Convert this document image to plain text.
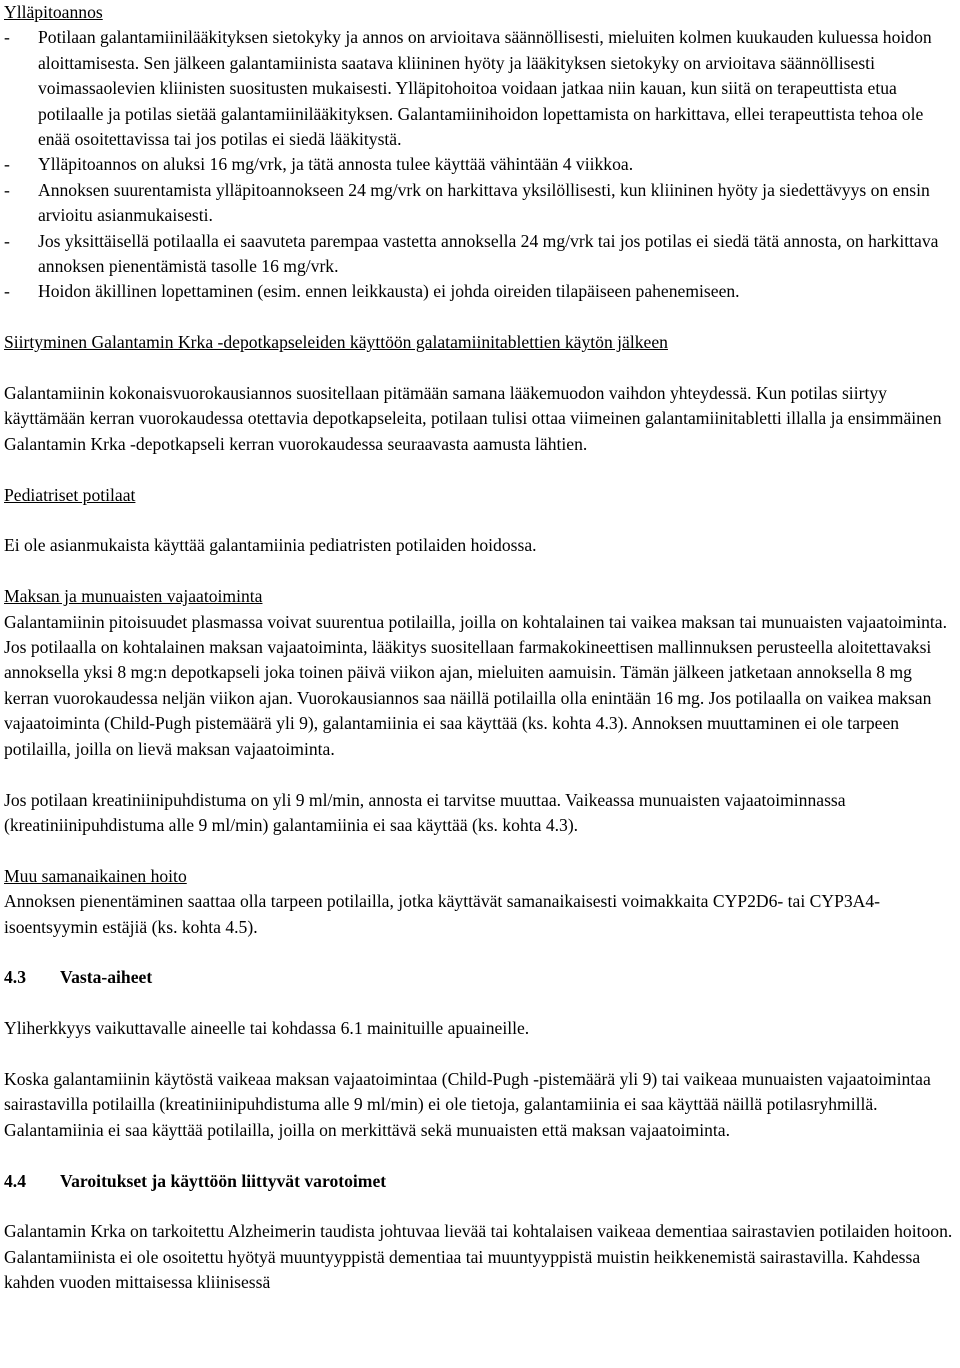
Ylläpitoannos

-	Potilaan galantamiinilääkityksen sietokyky ja annos on arvioitava säännöllisesti, mieluiten kolmen kuukauden kuluessa hoidon aloittamisesta. Sen jälkeen galantamiinista saatava kliininen hyöty ja lääkityksen sietokyky on arvioitava säännöllisesti voimassaolevien kliinisten suositusten mukaisesti. Ylläpitohoitoa voidaan jatkaa niin kauan, kun siitä on terapeuttista etua potilaalle ja potilas sietää galantamiinilääkityksen. Galantamiinihoidon lopettamista on harkittava, ellei terapeuttista tehoa ole enää osoitettavissa tai jos potilas ei siedä lääkitystä.
-	Ylläpitoannos on aluksi 16 mg/vrk, ja tätä annosta tulee käyttää vähintään 4 viikkoa.
-	Annoksen suurentamista ylläpitoannokseen 24 mg/vrk on harkittava yksilöllisesti, kun kliininen hyöty ja siedettävyys on ensin arvioitu asianmukaisesti.
-	Jos yksittäisellä potilaalla ei saavuteta parempaa vastetta annoksella 24 mg/vrk tai jos potilas ei siedä tätä annosta, on harkittava annoksen pienentämistä tasolle 16 mg/vrk.
-	Hoidon äkillinen lopettaminen (esim. ennen leikkausta) ei johda oireiden tilapäiseen pahenemiseen.

Siirtyminen Galantamin Krka -depotkapseleiden käyttöön galatamiinitablettien käytön jälkeen

Galantamiinin kokonaisvuorokausiannos suositellaan pitämään samana lääkemuodon vaihdon yhteydessä. Kun potilas siirtyy käyttämään kerran vuorokaudessa otettavia depotkapseleita, potilaan tulisi ottaa viimeinen galantamiinitabletti illalla ja ensimmäinen Galantamin Krka -depotkapseli kerran vuorokaudessa seuraavasta aamusta lähtien.

Pediatriset potilaat

Ei ole asianmukaista käyttää galantamiinia pediatristen potilaiden hoidossa.

Maksan ja munuaisten vajaatoiminta

Galantamiinin pitoisuudet plasmassa voivat suurentua potilailla, joilla on kohtalainen tai vaikea maksan tai munuaisten vajaatoiminta. Jos potilaalla on kohtalainen maksan vajaatoiminta, lääkitys suositellaan farmakokineettisen mallinnuksen perusteella aloitettavaksi annoksella yksi 8 mg:n depotkapseli joka toinen päivä viikon ajan, mieluiten aamuisin. Tämän jälkeen jatketaan annoksella 8 mg kerran vuorokaudessa neljän viikon ajan. Vuorokausiannos saa näillä potilailla olla enintään 16 mg. Jos potilaalla on vaikea maksan vajaatoiminta (Child-Pugh pistemäärä yli 9), galantamiinia ei saa käyttää (ks. kohta 4.3). Annoksen muuttaminen ei ole tarpeen potilailla, joilla on lievä maksan vajaatoiminta.

Jos potilaan kreatiniinipuhdistuma on yli 9 ml/min, annosta ei tarvitse muuttaa. Vaikeassa munuaisten vajaatoiminnassa (kreatiniinipuhdistuma alle 9 ml/min) galantamiinia ei saa käyttää (ks. kohta 4.3).

Muu samanaikainen hoito

Annoksen pienentäminen saattaa olla tarpeen potilailla, jotka käyttävät samanaikaisesti voimakkaita CYP2D6- tai CYP3A4-isoentsyymin estäjiä (ks. kohta 4.5).

4.3	Vasta-aiheet

Yliherkkyys vaikuttavalle aineelle tai kohdassa 6.1 mainituille apuaineille.

Koska galantamiinin käytöstä vaikeaa maksan vajaatoimintaa (Child-Pugh -pistemäärä yli 9) tai vaikeaa munuaisten vajaatoimintaa sairastavilla potilailla (kreatiniinipuhdistuma alle 9 ml/min) ei ole tietoja, galantamiinia ei saa käyttää näillä potilasryhmillä. Galantamiinia ei saa käyttää potilailla, joilla on merkittävä sekä munuaisten että maksan vajaatoiminta.

4.4	Varoitukset ja käyttöön liittyvät varotoimet

Galantamin Krka on tarkoitettu Alzheimerin taudista johtuvaa lievää tai kohtalaisen vaikeaa dementiaa sairastavien potilaiden hoitoon. Galantamiinista ei ole osoitettu hyötyä muuntyyppistä dementiaa tai muuntyyppistä muistin heikkenemistä sairastavilla. Kahdessa kahden vuoden mittaisessa kliinisessä
